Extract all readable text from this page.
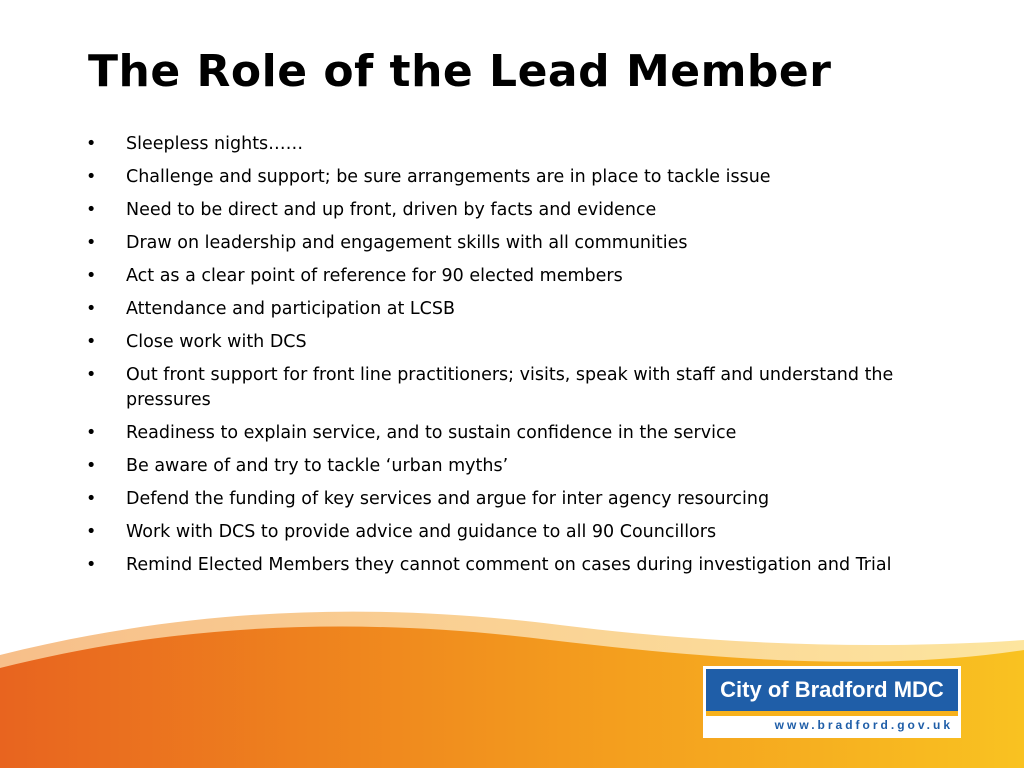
The Role of the Lead Member
•	Sleepless nights……
•	Challenge and support; be sure arrangements are in place to tackle issue
•	Need to be direct and up front, driven by facts and evidence
•	Draw on leadership and engagement skills with all communities
•	Act as a clear point of reference for 90 elected members
•	Attendance and participation at LCSB
•	Close work with DCS
•	Out front support for front line practitioners; visits, speak with staff and understand the pressures
•	Readiness to explain service, and to sustain confidence in the service
•	Be aware of and try to tackle ‘urban myths’
•	Defend the funding of key services and argue for inter agency resourcing
•	Work with DCS to provide advice and guidance to all 90 Councillors
•	Remind Elected Members they cannot comment on cases during investigation and Trial
City of Bradford MDC
www.bradford.gov.uk
